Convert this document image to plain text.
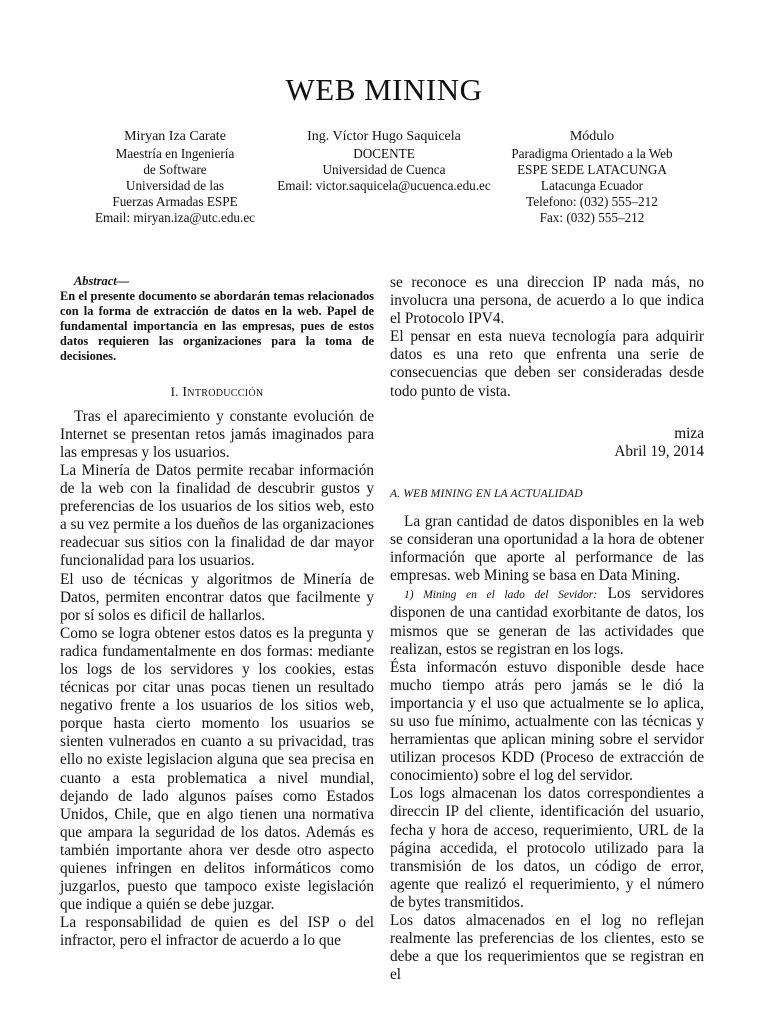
WEB MINING
Miryan Iza Carate
Maestría en Ingeniería
de Software
Universidad de las
Fuerzas Armadas ESPE
Email: miryan.iza@utc.edu.ec
Ing. Víctor Hugo Saquicela
DOCENTE
Universidad de Cuenca
Email: victor.saquicela@ucuenca.edu.ec
Módulo
Paradigma Orientado a la Web
ESPE SEDE LATACUNGA
Latacunga Ecuador
Telefono: (032) 555–212
Fax: (032) 555–212

Abstract—
En el presente documento se abordarán temas relacionados con la forma de extracción de datos en la web. Papel de fundamental importancia en las empresas, pues de estos datos requieren las organizaciones para la toma de decisiones.

I. Introducción

Tras el aparecimiento y constante evolución de Internet se presentan retos jamás imaginados para las empresas y los usuarios.

La Minería de Datos permite recabar información de la web con la finalidad de descubrir gustos y preferencias de los usuarios de los sitios web, esto a su vez permite a los dueños de las organizaciones readecuar sus sitios con la finalidad de dar mayor funcionalidad para los usuarios.

El uso de técnicas y algoritmos de Minería de Datos, permiten encontrar datos que facilmente y por sí solos es dificil de hallarlos.

Como se logra obtener estos datos es la pregunta y radica fundamentalmente en dos formas: mediante los logs de los servidores y los cookies, estas técnicas por citar unas pocas tienen un resultado negativo frente a los usuarios de los sitios web, porque hasta cierto momento los usuarios se sienten vulnerados en cuanto a su privacidad, tras ello no existe legislacion alguna que sea precisa en cuanto a esta problematica a nivel mundial, dejando de lado algunos países como Estados Unidos, Chile, que en algo tienen una normativa que ampara la seguridad de los datos. Además es también importante ahora ver desde otro aspecto quienes infringen en delitos informáticos como juzgarlos, puesto que tampoco existe legislación que indique a quién se debe juzgar.

La responsabilidad de quien es del ISP o del infractor, pero el infractor de acuerdo a lo que

se reconoce es una direccion IP nada más, no involucra una persona, de acuerdo a lo que indica el Protocolo IPV4.

El pensar en esta nueva tecnología para adquirir datos es una reto que enfrenta una serie de consecuencias que deben ser consideradas desde todo punto de vista.

miza

Abril 19, 2014

A. WEB MINING EN LA ACTUALIDAD

La gran cantidad de datos disponibles en la web se consideran una oportunidad a la hora de obtener información que aporte al performance de las empresas. web Mining se basa en Data Mining.

1) Mining en el lado del Sevidor: Los servidores disponen de una cantidad exorbitante de datos, los mismos que se generan de las actividades que realizan, estos se registran en los logs.

Ésta informacón estuvo disponible desde hace mucho tiempo atrás pero jamás se le dió la importancia y el uso que actualmente se lo aplica, su uso fue mínimo, actualmente con las técnicas y herramientas que aplican mining sobre el servidor utilizan procesos KDD (Proceso de extracción de conocimiento) sobre el log del servidor.

Los logs almacenan los datos correspondientes a direccin IP del cliente, identificación del usuario, fecha y hora de acceso, requerimiento, URL de la página accedida, el protocolo utilizado para la transmisión de los datos, un código de error, agente que realizó el requerimiento, y el número de bytes transmitidos.

Los datos almacenados en el log no reflejan realmente las preferencias de los clientes, esto se debe a que los requerimientos que se registran en el
